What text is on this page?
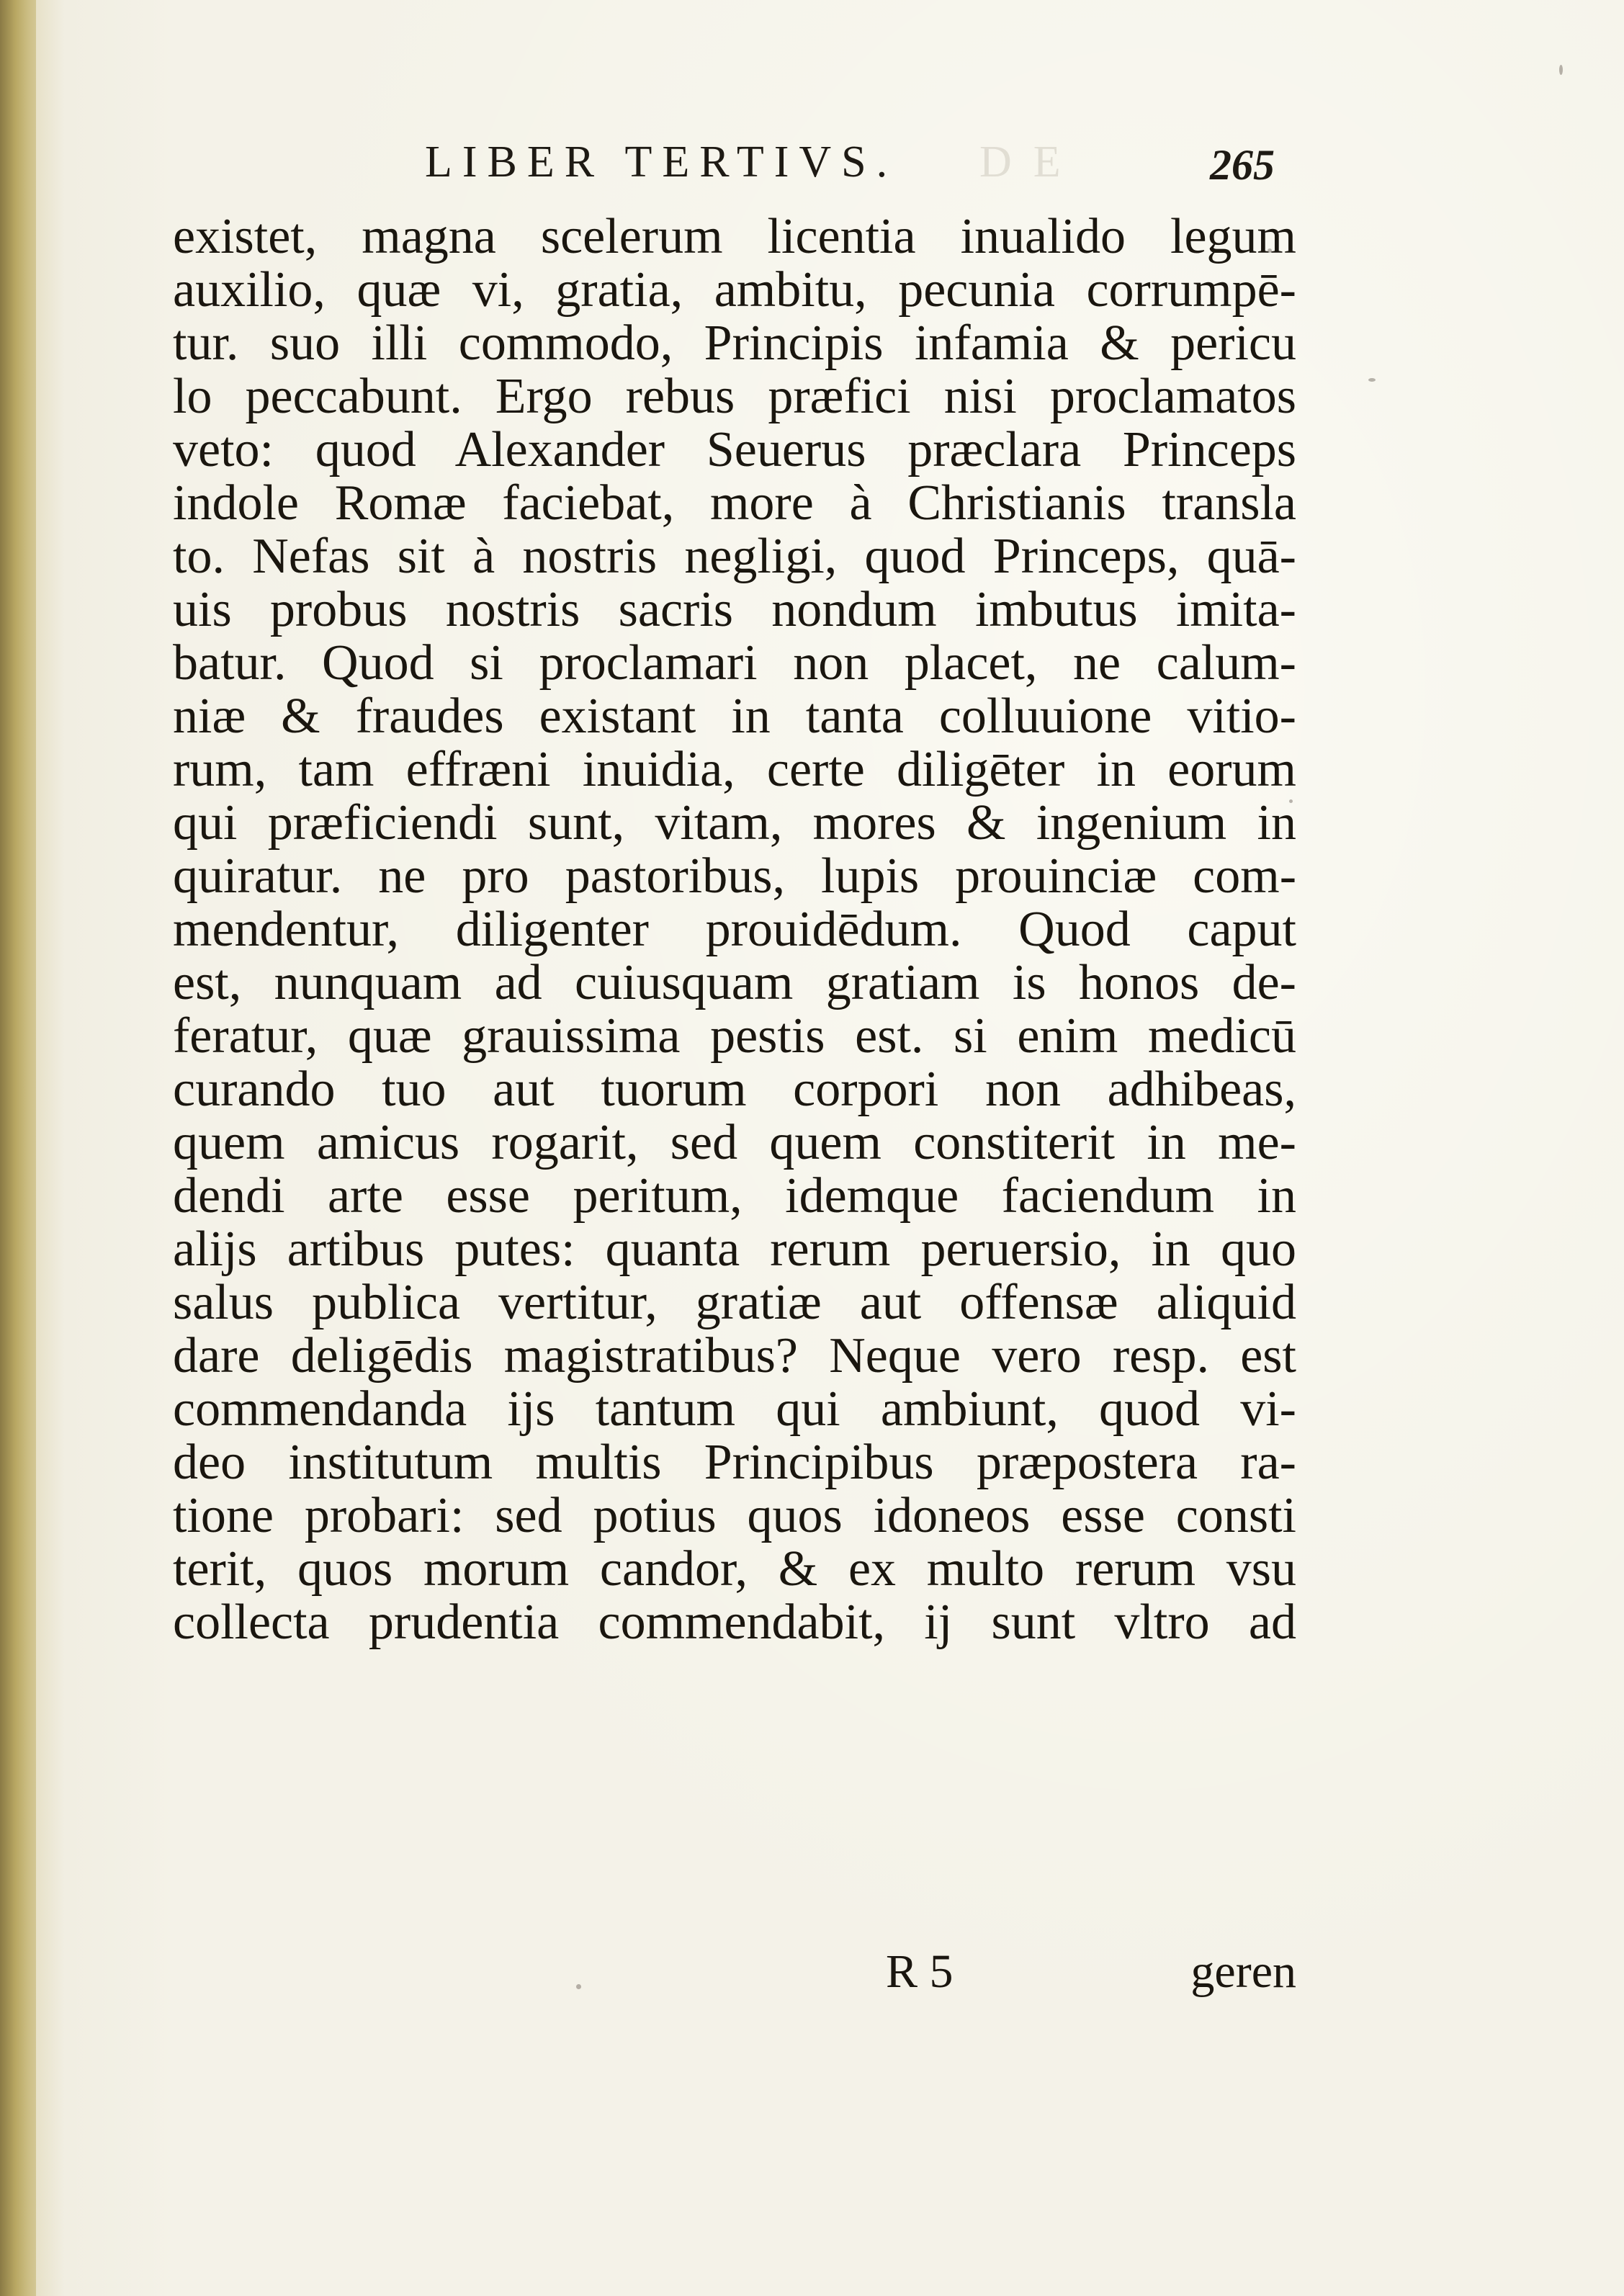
DE
LIBER TERTIVS.	265
existet, magna scelerum licentia inualido legum
auxilio, quæ vi, gratia, ambitu, pecunia corrumpē-
tur. suo illi commodo, Principis infamia & pericu
lo peccabunt. Ergo rebus præfici nisi proclamatos
veto: quod Alexander Seuerus præclara Princeps
indole Romæ faciebat, more à Christianis transla
to. Nefas sit à nostris negligi, quod Princeps, quā-
uis probus nostris sacris nondum imbutus imita-
batur. Quod si proclamari non placet, ne calum-
niæ & fraudes existant in tanta colluuione vitio-
rum, tam effræni inuidia, certe diligēter in eorum
qui præficiendi sunt, vitam, mores & ingenium in
quiratur. ne pro pastoribus, lupis prouinciæ com-
mendentur, diligenter prouidēdum. Quod caput
est, nunquam ad cuiusquam gratiam is honos de-
feratur, quæ grauissima pestis est. si enim medicū
curando tuo aut tuorum corpori non adhibeas,
quem amicus rogarit, sed quem constiterit in me-
dendi arte esse peritum, idemque faciendum in
alijs artibus putes: quanta rerum peruersio, in quo
salus publica vertitur, gratiæ aut offensæ aliquid
dare deligēdis magistratibus? Neque vero resp. est
commendanda ijs tantum qui ambiunt, quod vi-
deo institutum multis Principibus præpostera ra-
tione probari: sed potius quos idoneos esse consti
terit, quos morum candor, & ex multo rerum vsu
collecta prudentia commendabit, ij sunt vltro ad
R 5	geren
